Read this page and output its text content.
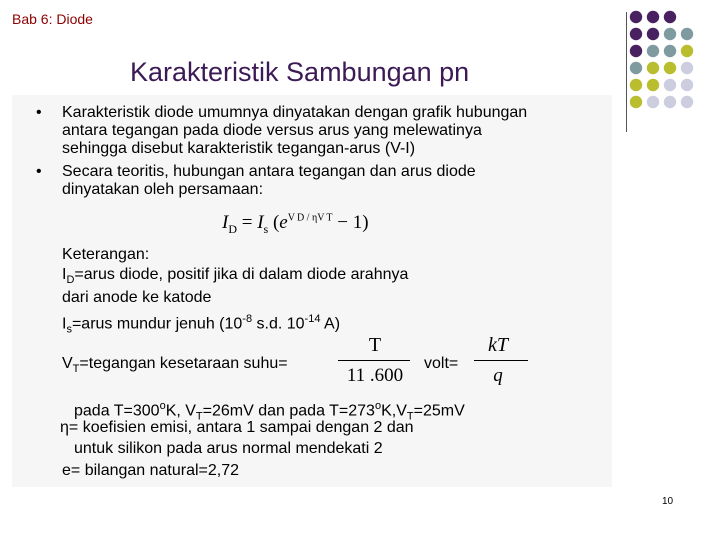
Bab 6: Diode
Karakteristik Sambungan pn
• Karakteristik diode umumnya dinyatakan dengan grafik hubungan
antara tegangan pada diode versus arus yang melewatinya
sehingga disebut karakteristik tegangan-arus (V-I)
• Secara teoritis, hubungan antara tegangan dan arus diode
dinyatakan oleh persamaan:
$I_D = I_s$ $(e^{V D / \eta V T} - 1)$
Keterangan:
$I_D=arus$ diode, positif jika di dalam diode arahnya
dari anode ke katode
$I_s=arus$ mundur jenuh ($10^{-8}$ s.d. $10^{-14}$ A)
$V_T=tegangan$ kesetaraan suhu=
T
11 .600
volt=
kT
q
pada $T=300^oK$, $V_T=26mV$ dan pada $T=273^oK,V_T=25mV$
η= koefisien emisi, antara 1 sampai dengan 2 dan
untuk silikon pada arus normal mendekati 2
e= bilangan natural=2,72
10
